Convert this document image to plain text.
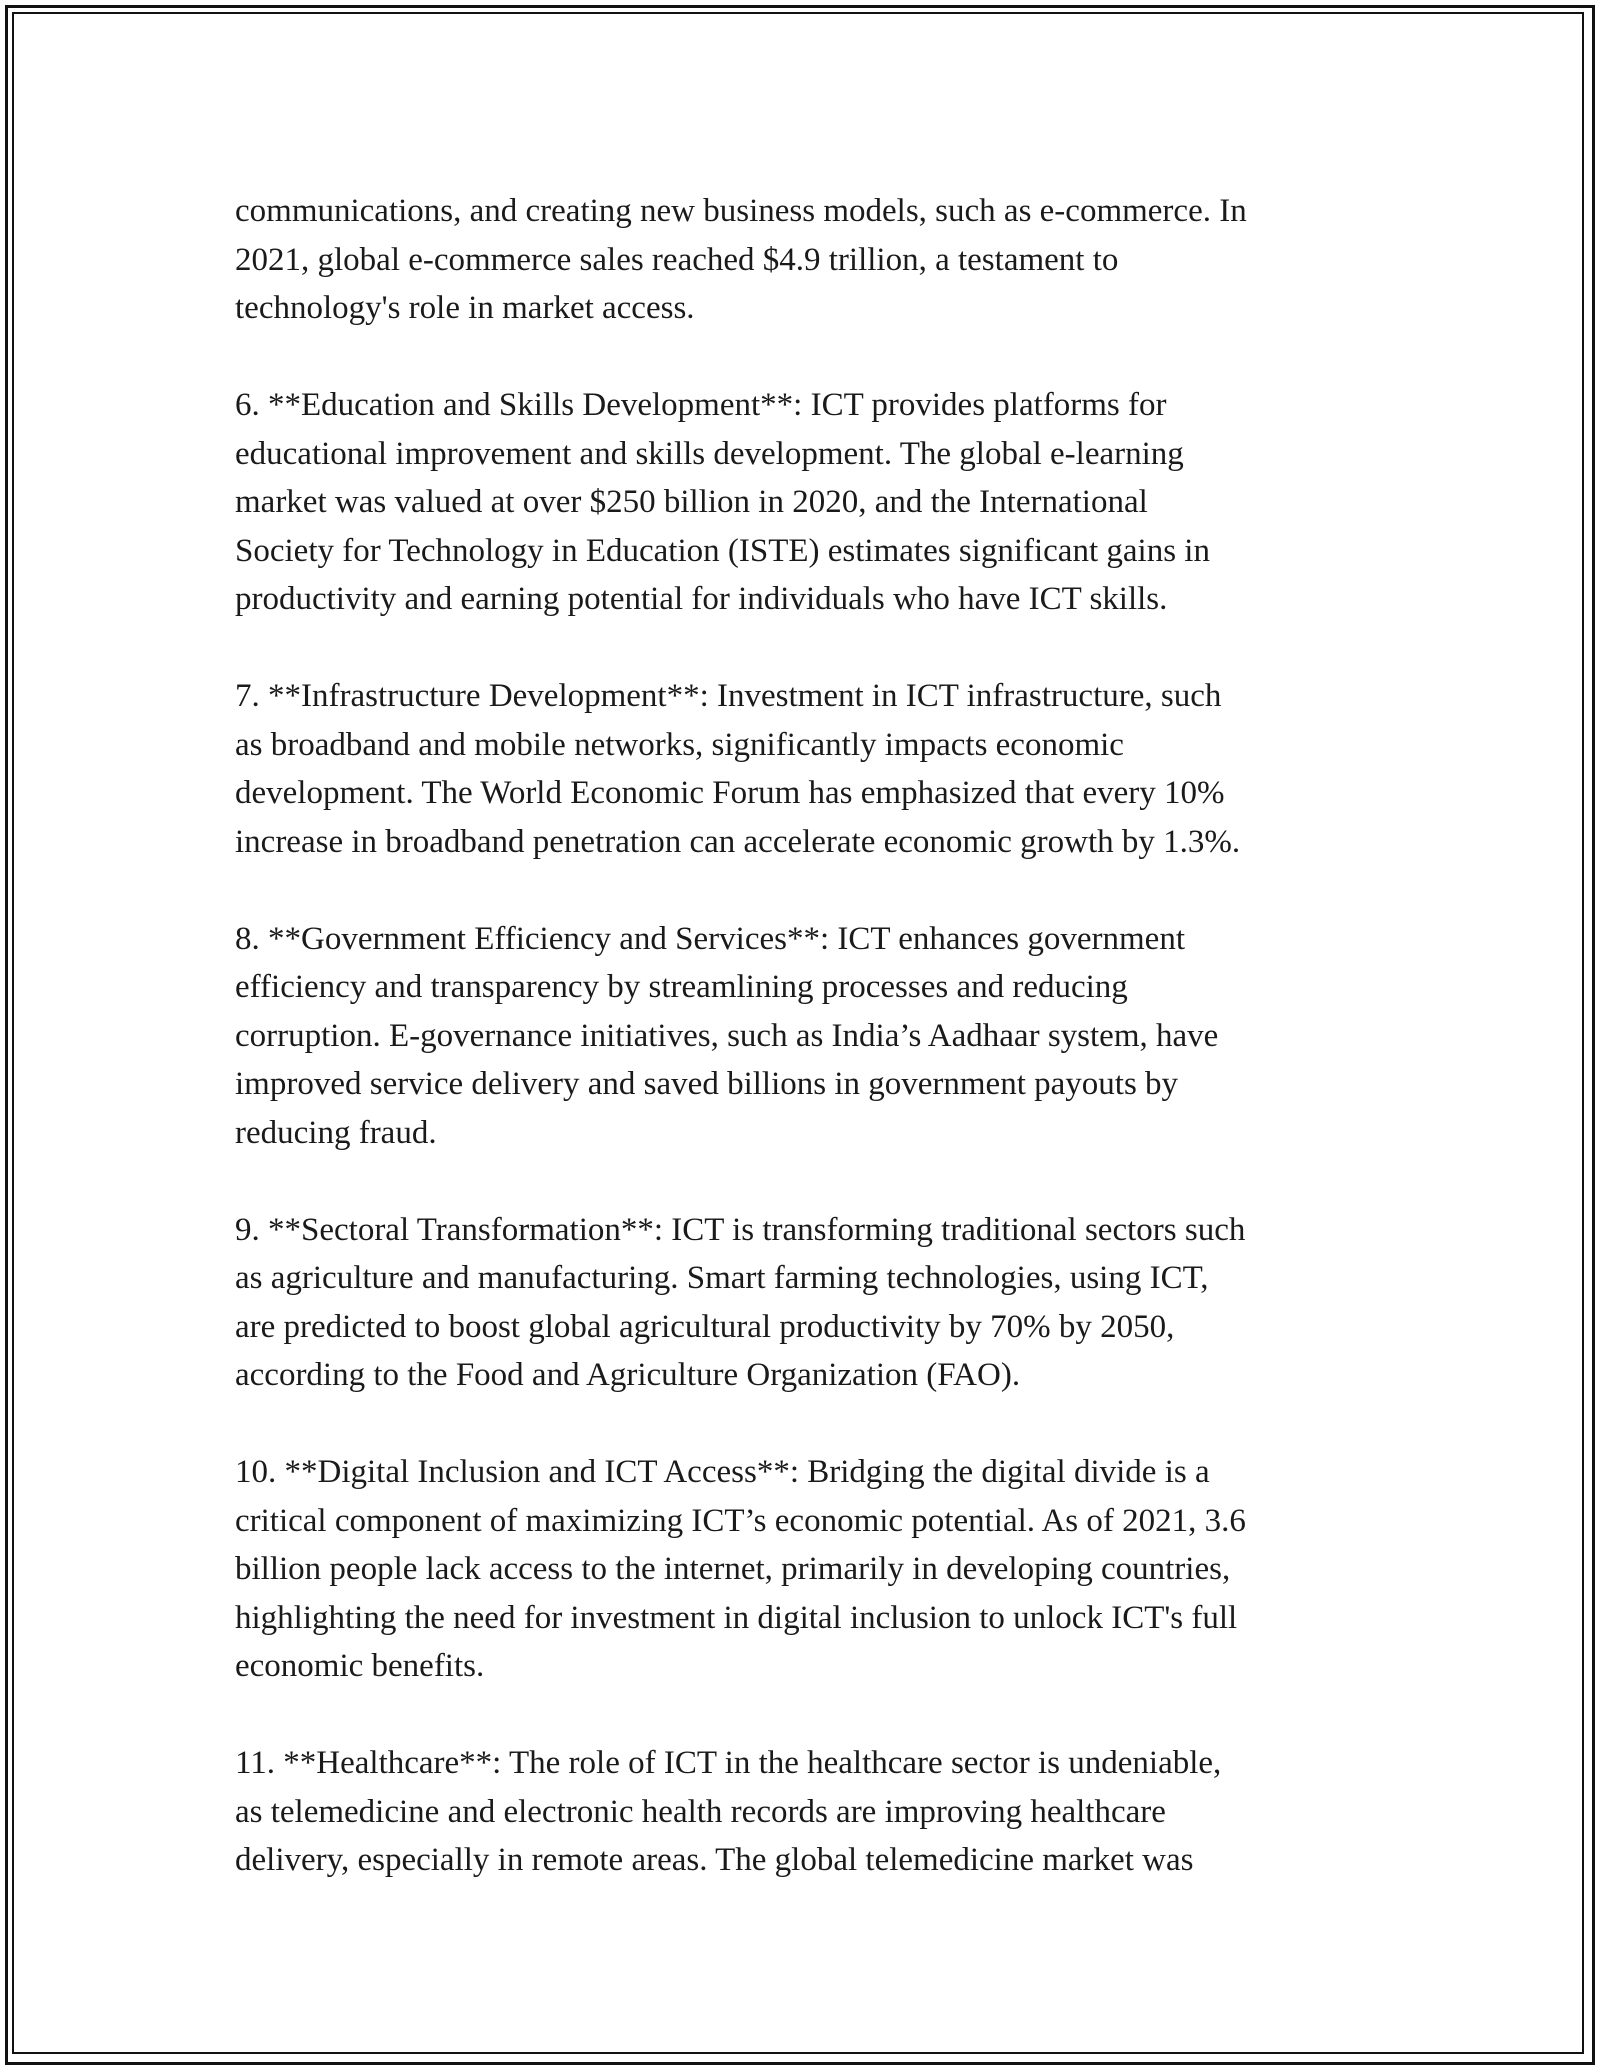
communications, and creating new business models, such as e-commerce. In
2021, global e-commerce sales reached $4.9 trillion, a testament to
technology's role in market access.

6. **Education and Skills Development**: ICT provides platforms for
educational improvement and skills development. The global e-learning
market was valued at over $250 billion in 2020, and the International
Society for Technology in Education (ISTE) estimates significant gains in
productivity and earning potential for individuals who have ICT skills.

7. **Infrastructure Development**: Investment in ICT infrastructure, such
as broadband and mobile networks, significantly impacts economic
development. The World Economic Forum has emphasized that every 10%
increase in broadband penetration can accelerate economic growth by 1.3%.

8. **Government Efficiency and Services**: ICT enhances government
efficiency and transparency by streamlining processes and reducing
corruption. E-governance initiatives, such as India’s Aadhaar system, have
improved service delivery and saved billions in government payouts by
reducing fraud.

9. **Sectoral Transformation**: ICT is transforming traditional sectors such
as agriculture and manufacturing. Smart farming technologies, using ICT,
are predicted to boost global agricultural productivity by 70% by 2050,
according to the Food and Agriculture Organization (FAO).

10. **Digital Inclusion and ICT Access**: Bridging the digital divide is a
critical component of maximizing ICT’s economic potential. As of 2021, 3.6
billion people lack access to the internet, primarily in developing countries,
highlighting the need for investment in digital inclusion to unlock ICT's full
economic benefits.

11. **Healthcare**: The role of ICT in the healthcare sector is undeniable,
as telemedicine and electronic health records are improving healthcare
delivery, especially in remote areas. The global telemedicine market was
